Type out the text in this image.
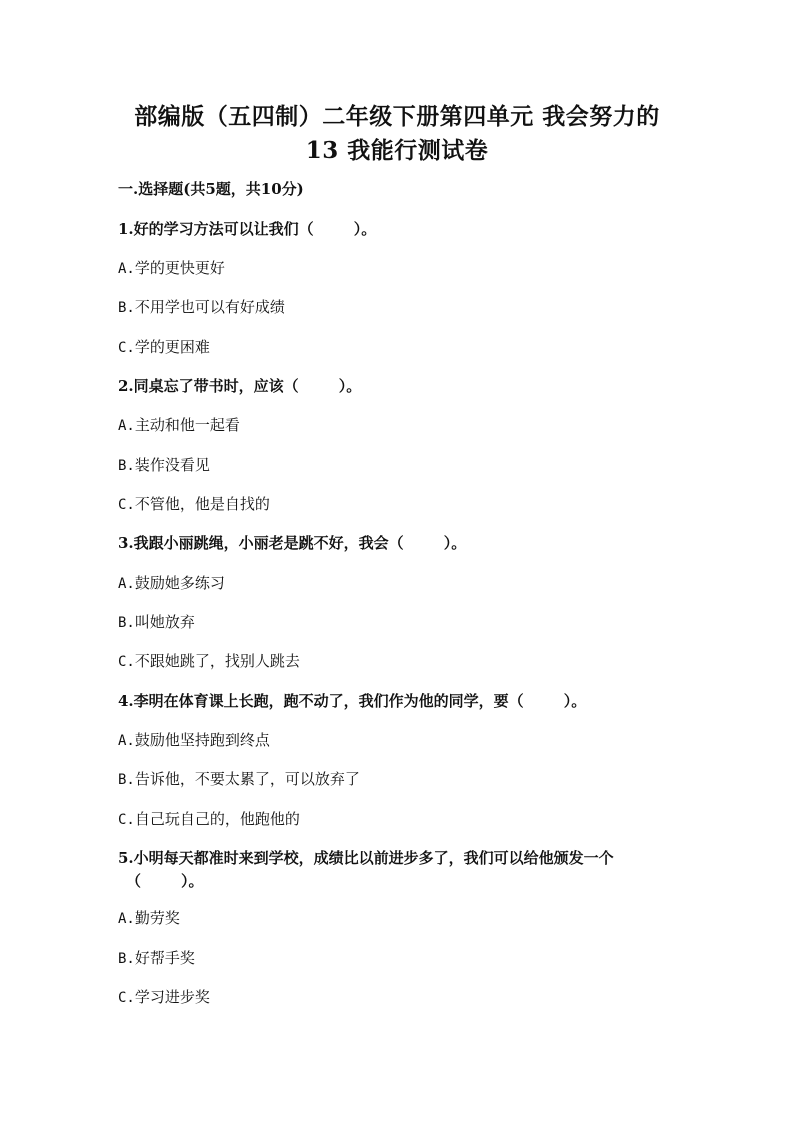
部编版（五四制）二年级下册第四单元 我会努力的
13 我能行测试卷
一.选择题(共5题，共10分)
1.好的学习方法可以让我们（	）。
A.学的更快更好
B.不用学也可以有好成绩
C.学的更困难
2.同桌忘了带书时，应该（	）。
A.主动和他一起看
B.装作没看见
C.不管他，他是自找的
3.我跟小丽跳绳，小丽老是跳不好，我会（	）。
A.鼓励她多练习
B.叫她放弃
C.不跟她跳了，找别人跳去
4.李明在体育课上长跑，跑不动了，我们作为他的同学，要（	）。
A.鼓励他坚持跑到终点
B.告诉他，不要太累了，可以放弃了
C.自己玩自己的，他跑他的
5.小明每天都准时来到学校，成绩比以前进步多了，我们可以给他颁发一个
（	）。
A.勤劳奖
B.好帮手奖
C.学习进步奖
